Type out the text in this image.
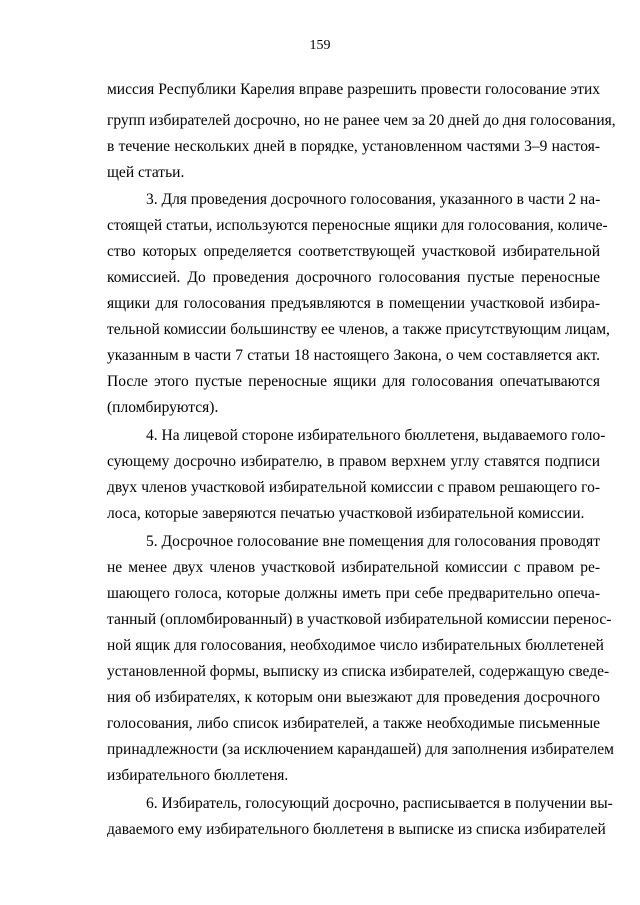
159
миссия Республики Карелия вправе разрешить провести голосование этих
групп избирателей досрочно, но не ранее чем за 20 дней до дня голосования,
в течение нескольких дней в порядке, установленном частями 3–9 настоя-
щей статьи.
3. Для проведения досрочного голосования, указанного в части 2 на-
стоящей статьи, используются переносные ящики для голосования, количе-
ство которых определяется соответствующей участковой избирательной
комиссией. До проведения досрочного голосования пустые переносные
ящики для голосования предъявляются в помещении участковой избира-
тельной комиссии большинству ее членов, а также присутствующим лицам,
указанным в части 7 статьи 18 настоящего Закона, о чем составляется акт.
После этого пустые переносные ящики для голосования опечатываются
(пломбируются).
4. На лицевой стороне избирательного бюллетеня, выдаваемого голо-
сующему досрочно избирателю, в правом верхнем углу ставятся подписи
двух членов участковой избирательной комиссии с правом решающего го-
лоса, которые заверяются печатью участковой избирательной комиссии.
5. Досрочное голосование вне помещения для голосования проводят
не менее двух членов участковой избирательной комиссии с правом ре-
шающего голоса, которые должны иметь при себе предварительно опеча-
танный (опломбированный) в участковой избирательной комиссии перенос-
ной ящик для голосования, необходимое число избирательных бюллетеней
установленной формы, выписку из списка избирателей, содержащую сведе-
ния об избирателях, к которым они выезжают для проведения досрочного
голосования, либо список избирателей, а также необходимые письменные
принадлежности (за исключением карандашей) для заполнения избирателем
избирательного бюллетеня.
6. Избиратель, голосующий досрочно, расписывается в получении вы-
даваемого ему избирательного бюллетеня в выписке из списка избирателей
